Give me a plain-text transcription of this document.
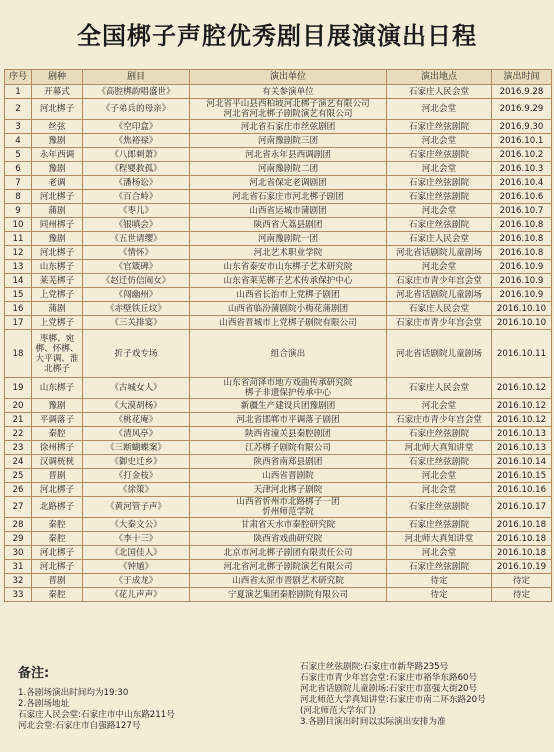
全国梆子声腔优秀剧目展演演出日程
序号	剧种	剧目	演出单位	演出地点	演出时间
1	开幕式	《高腔梆韵唱盛世》	有关参演单位	石家庄人民会堂	2016.9.28
2	河北梆子	《子弟兵的母亲》	河北省平山县西柏坡河北梆子演艺有限公司
河北省河北梆子剧院演艺有限公司	河北会堂	2016.9.29
3	丝弦	《空印盒》	河北省石家庄市丝弦剧团	石家庄丝弦剧院	2016.9.30
4	豫剧	《焦裕禄》	河南豫剧院三团	河北会堂	2016.10.1
5	永年西调	《八郎刺萧》	河北省永年县西调剧团	石家庄丝弦剧院	2016.10.2
6	豫剧	《程婴救孤》	河南豫剧院二团	河北会堂	2016.10.3
7	老调	《潘杨讼》	河北省保定老调剧团	石家庄丝弦剧院	2016.10.4
8	河北梆子	《百合岭》	河北省石家庄市河北梆子剧团	石家庄丝弦剧院	2016.10.6
9	蒲剧	《枣儿》	山西省运城市蒲剧团	河北会堂	2016.10.7
10	同州梆子	《银嗔会》	陕西省大荔县剧团	石家庄丝弦剧院	2016.10.8
11	豫剧	《五世请缨》	河南豫剧院一团	石家庄人民会堂	2016.10.8
12	河北梆子	《情怀》	河北艺术职业学院	河北省话剧院儿童剧场	2016.10.8
13	山东梆子	《官箴碑》	山东省泰安市山东梆子艺术研究院	河北会堂	2016.10.9
14	莱芜梆子	《赵迁仿信闹女》	山东省莱芜梆子艺术传承保护中心	石家庄市青少年宫会堂	2016.10.9
15	上党梆子	《闯幽州》	山西省长治市上党梆子剧团	河北省话剧院儿童剧场	2016.10.9
16	蒲剧	《赤壁铁丘坟》	山西省临汾蒲剧院小梅花蒲剧团	石家庄人民会堂	2016.10.10
17	上党梆子	《三关排宴》	山西省晋城市上党梆子剧院有限公司	石家庄市青少年宫会堂	2016.10.10
18	枣梆、宛梆、怀梆、大平调、淮北梆子	折子戏专场	组合演出	河北省话剧院儿童剧场	2016.10.11
19	山东梆子	《古城女人》	山东省菏泽市地方戏曲传承研究院
梆子非遗保护传承中心	石家庄人民会堂	2016.10.12
20	豫剧	《大漠胡杨》	新疆生产建设兵团豫剧团	河北会堂	2016.10.12
21	平调落子	《桃花庵》	河北省邯郸市平调落子剧团	石家庄市青少年宫会堂	2016.10.12
22	秦腔	《清风亭》	陕西省潼关县秦腔剧团	石家庄丝弦剧院	2016.10.13
23	徐州梆子	《三断蝴蝶案》	江苏梆子剧院有限公司	河北师大真知讲堂	2016.10.13
24	汉调桄桄	《御史迁乡》	陕西省南郑县剧团	石家庄丝弦剧院	2016.10.14
25	晋剧	《打金枝》	山西省晋剧院	河北会堂	2016.10.15
26	河北梆子	《徐策》	天津河北梆子剧院	河北会堂	2016.10.16
27	北路梆子	《黄河管子声》	山西省忻州市北路梆子一团
忻州师范学院	石家庄丝弦剧院	2016.10.17
28	秦腔	《大秦文公》	甘肃省天水市秦腔研究院	石家庄丝弦剧院	2016.10.18
29	秦腔	《李十三》	陕西省戏曲研究院	河北师大真知讲堂	2016.10.18
30	河北梆子	《北国佳人》	北京市河北梆子剧团有限责任公司	河北会堂	2016.10.18
31	河北梆子	《钟馗》	河北省河北梆子剧院演艺有限公司	石家庄丝弦剧院	2016.10.19
32	晋剧	《于成龙》	山西省太原市晋剧艺术研究院	待定	待定
33	秦腔	《花儿声声》	宁夏演艺集团秦腔剧院有限公司	待定	待定
备注:
1.各剧场演出时间均为19:30
2.各剧场地址
石家庄人民会堂:石家庄市中山东路211号
河北会堂:石家庄市自强路127号
石家庄丝弦剧院:石家庄市新华路235号
石家庄市青少年宫会堂:石家庄市裕华东路60号
河北省话剧院儿童剧场:石家庄市富强大街20号
河北师范大学真知讲堂:石家庄市南二环东路20号
(河北师范大学东门)
3.各剧目演出时间以实际演出安排为准
